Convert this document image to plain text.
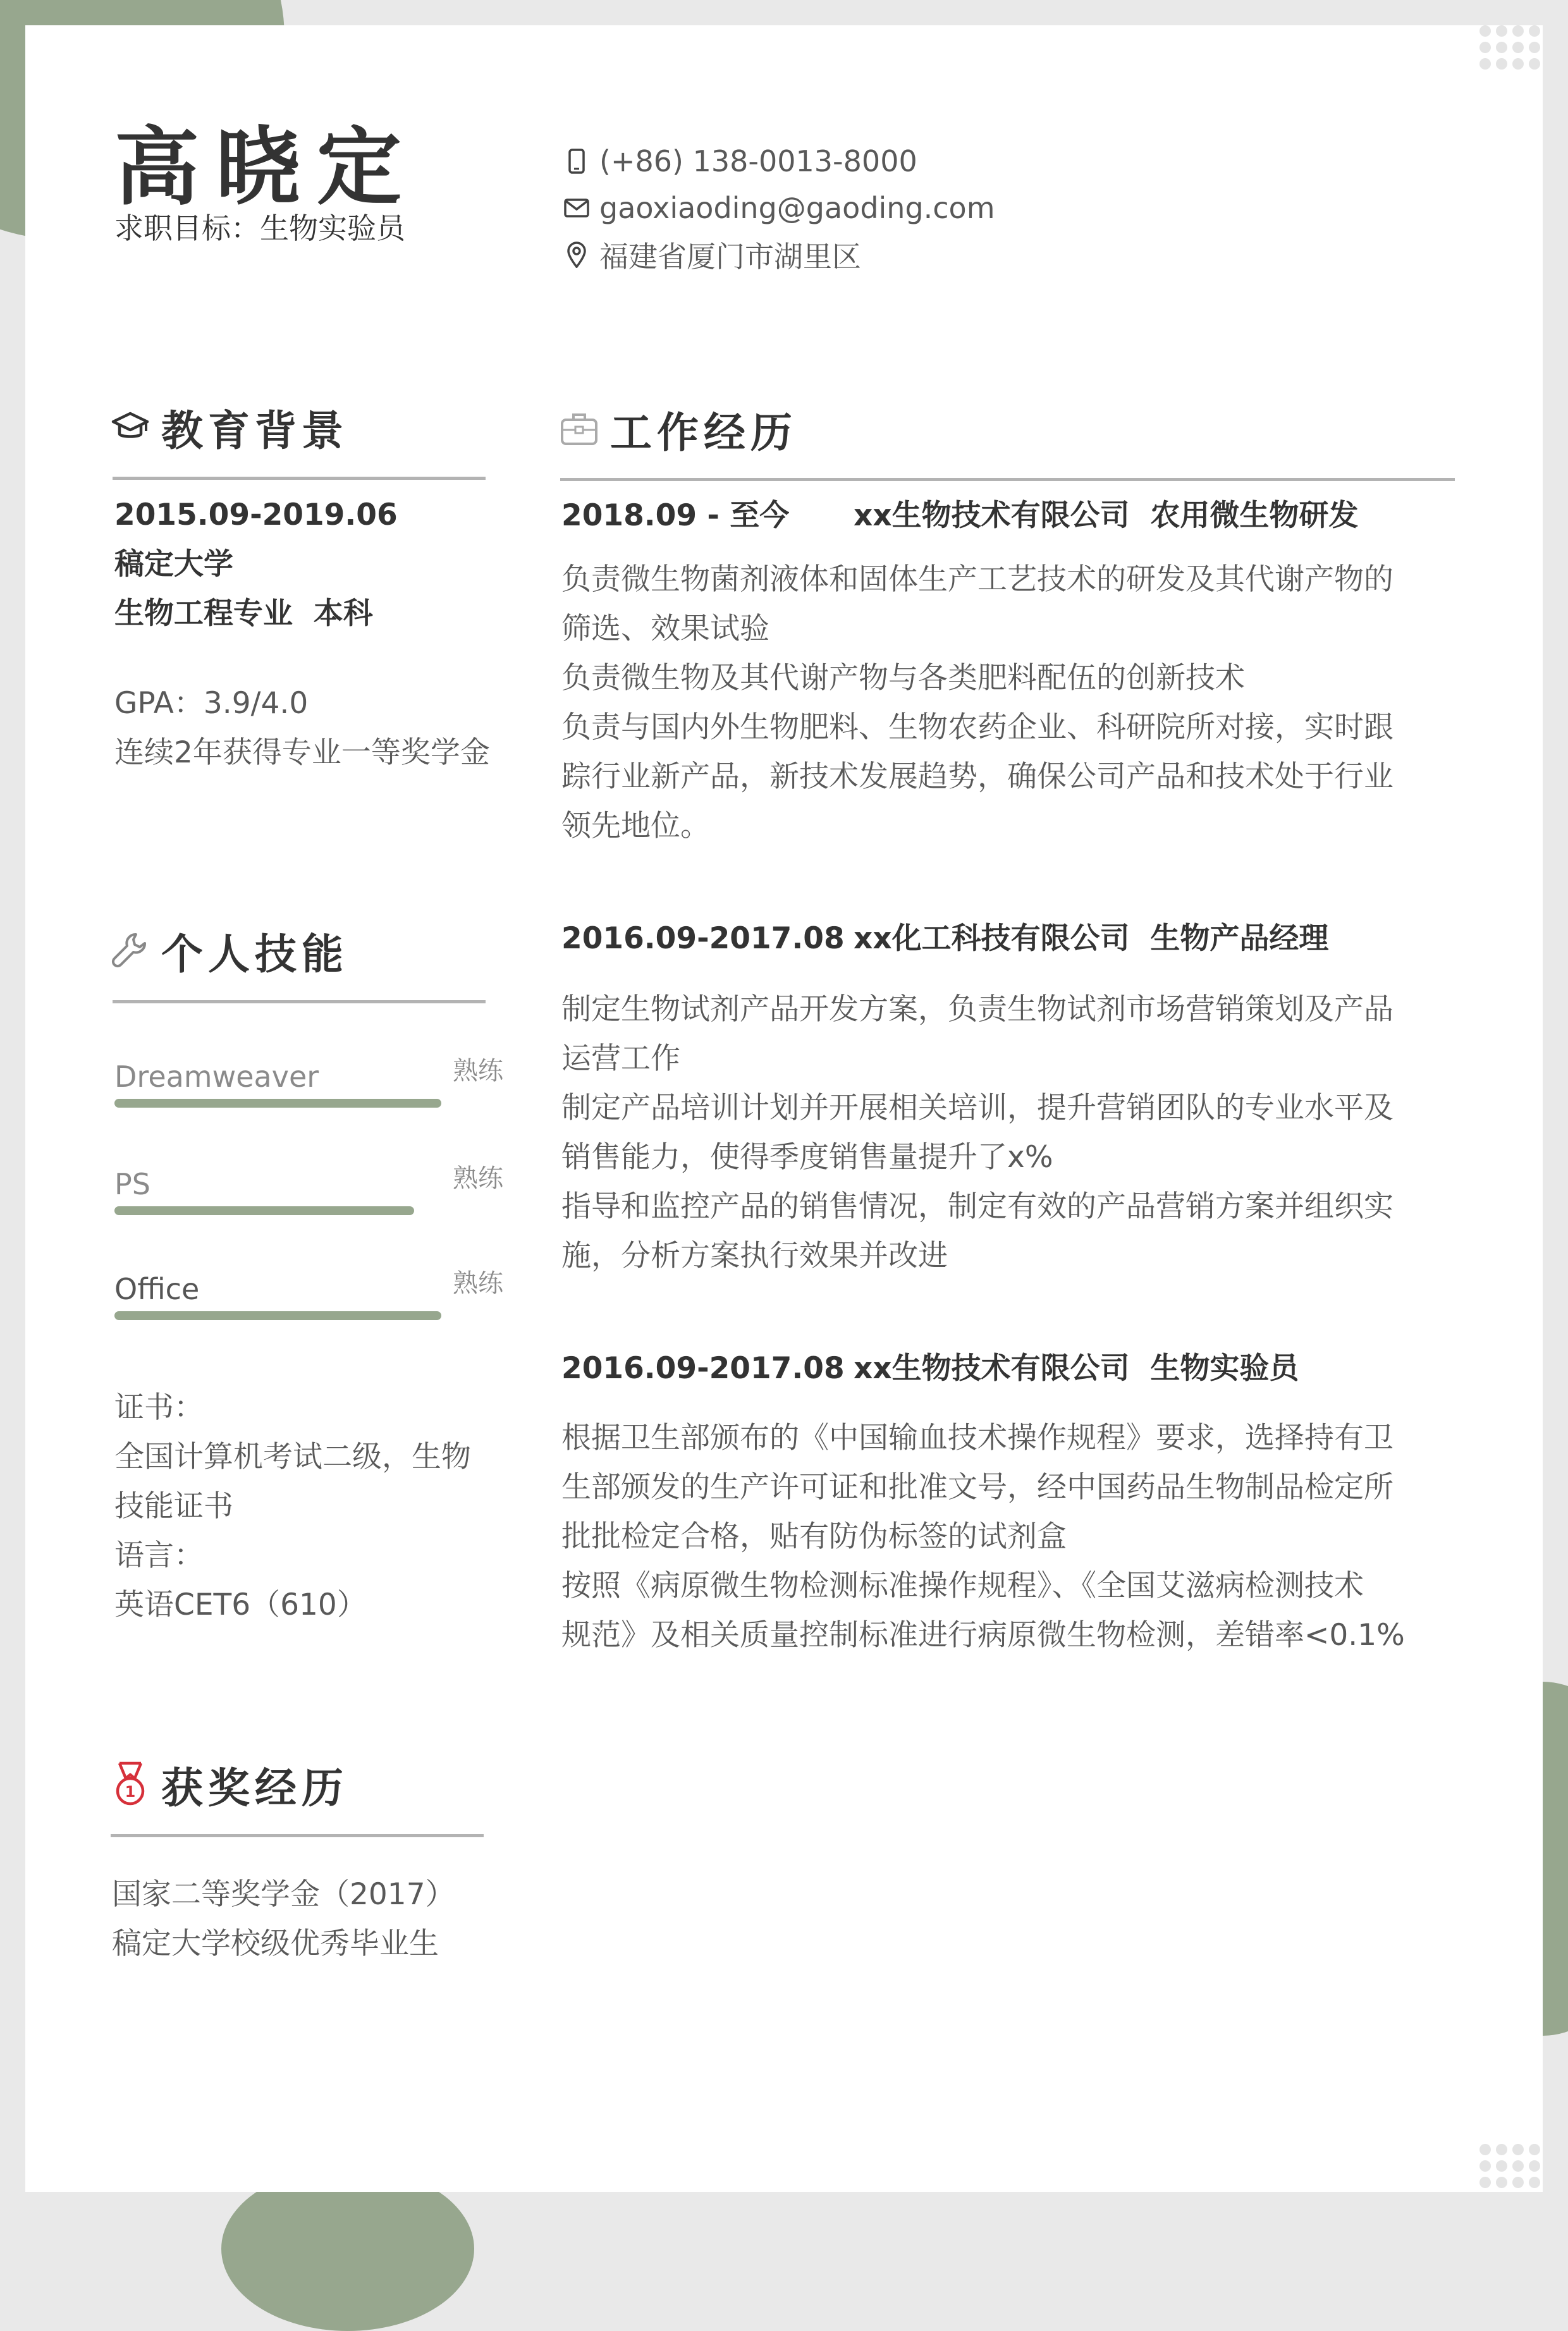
高晓定
求职目标：生物实验员
(+86) 138-0013-8000
gaoxiaoding@gaoding.com
福建省厦门市湖里区
教育背景
2015.09-2019.06
稿定大学
生物工程专业  本科
GPA：3.9/4.0
连续2年获得专业一等奖学金
个人技能
Dreamweaver	熟练
PS	熟练
Office	熟练
证书：
全国计算机考试二级，生物
技能证书
语言：
英语CET6（610）
1 获奖经历
国家二等奖学金（2017）
稿定大学校级优秀毕业生
工作经历
2018.09 - 至今 xx生物技术有限公司  农用微生物研发

负责微生物菌剂液体和固体生产工艺技术的研发及其代谢产物的

筛选、效果试验

负责微生物及其代谢产物与各类肥料配伍的创新技术

负责与国内外生物肥料、生物农药企业、科研院所对接，实时跟

踪行业新产品，新技术发展趋势，确保公司产品和技术处于行业

领先地位。

2016.09-2017.08 xx化工科技有限公司  生物产品经理

制定生物试剂产品开发方案，负责生物试剂市场营销策划及产品

运营工作

制定产品培训计划并开展相关培训，提升营销团队的专业水平及

销售能力，使得季度销售量提升了x%

指导和监控产品的销售情况，制定有效的产品营销方案并组织实

施，分析方案执行效果并改进

2016.09-2017.08 xx生物技术有限公司  生物实验员

根据卫生部颁布的《中国输血技术操作规程》要求，选择持有卫

生部颁发的生产许可证和批准文号，经中国药品生物制品检定所

批批检定合格，贴有防伪标签的试剂盒

按照《病原微生物检测标准操作规程》、《全国艾滋病检测技术

规范》及相关质量控制标准进行病原微生物检测，差错率<0.1%
